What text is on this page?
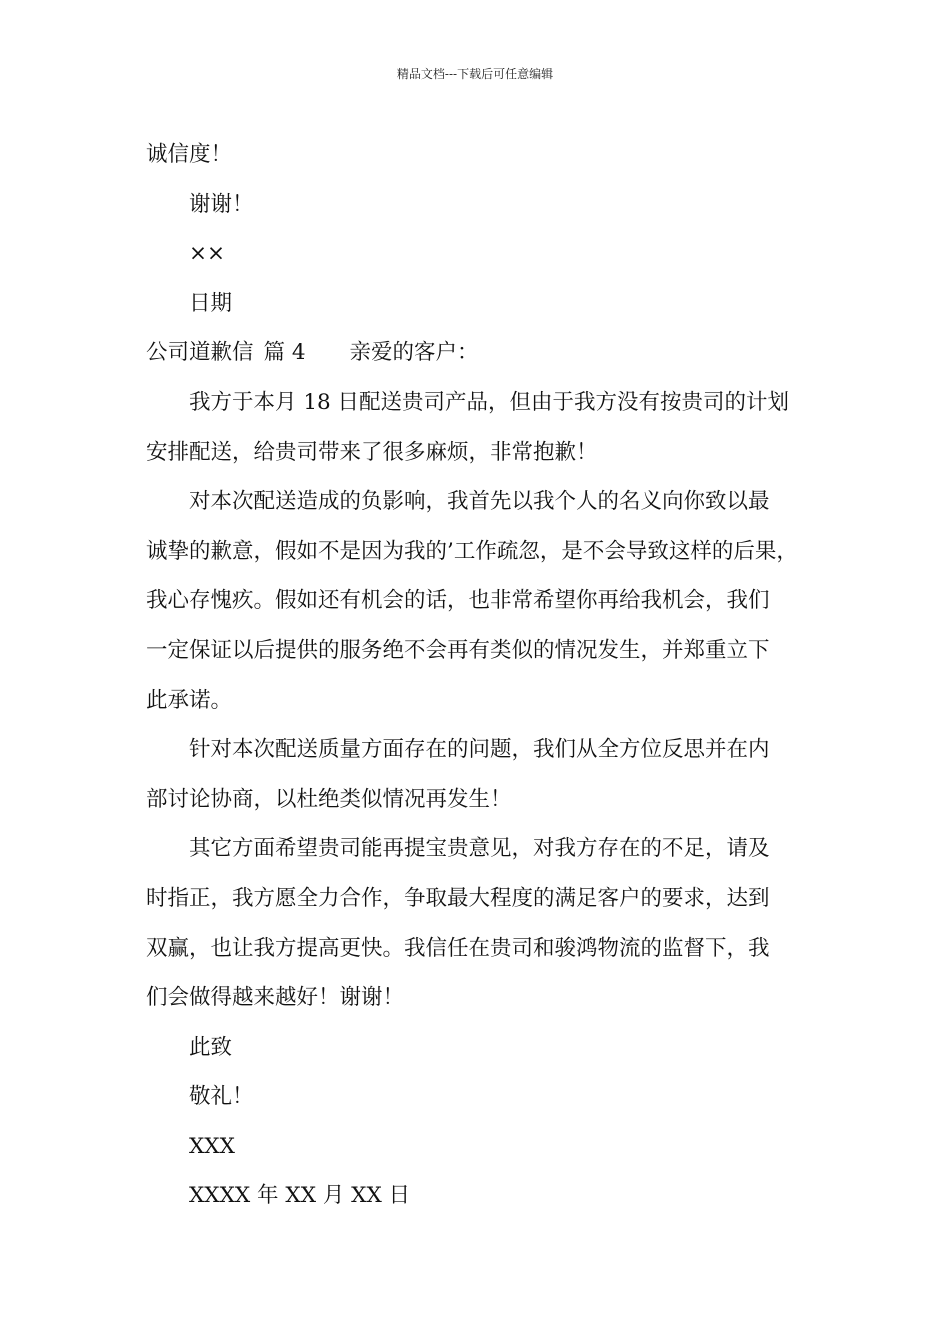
精品文档---下载后可任意编辑
诚信度！
谢谢！
××
日期
公司道歉信 篇 4 亲爱的客户：
我方于本月 18 日配送贵司产品，但由于我方没有按贵司的计划
安排配送，给贵司带来了很多麻烦，非常抱歉！
对本次配送造成的负影响，我首先以我个人的名义向你致以最
诚挚的歉意，假如不是因为我的’工作疏忽，是不会导致这样的后果，
我心存愧疚。假如还有机会的话，也非常希望你再给我机会，我们
一定保证以后提供的服务绝不会再有类似的情况发生，并郑重立下
此承诺。
针对本次配送质量方面存在的问题，我们从全方位反思并在内
部讨论协商，以杜绝类似情况再发生！
其它方面希望贵司能再提宝贵意见，对我方存在的不足，请及
时指正，我方愿全力合作，争取最大程度的满足客户的要求，达到
双赢，也让我方提高更快。我信任在贵司和骏鸿物流的监督下，我
们会做得越来越好！谢谢！
此致
敬礼！
XXX
XXXX 年 XX 月 XX 日
